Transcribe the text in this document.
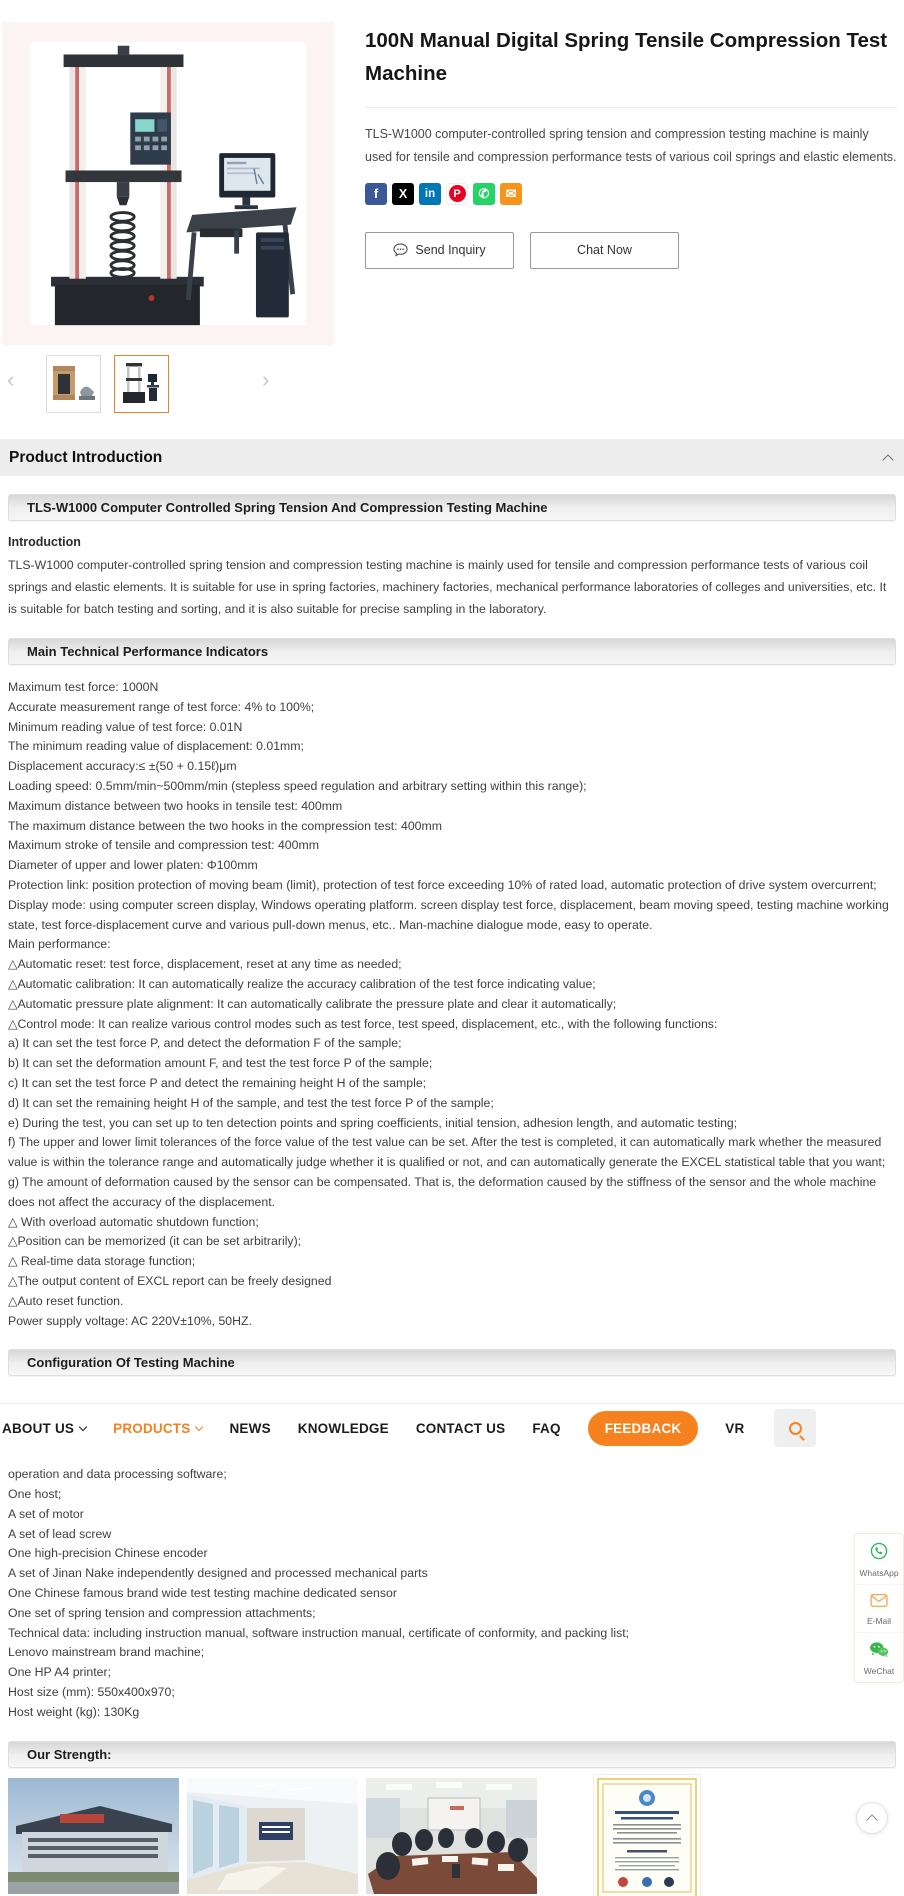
100N Manual Digital Spring Tensile Compression Test Machine

TLS-W1000 computer-controlled spring tension and compression testing machine is mainly used for tensile and compression performance tests of various coil springs and elastic elements.

f X in	P	✆ ✉
Send Inquiry	Chat Now
‹	›
Product Introduction
TLS-W1000 Computer Controlled Spring Tension And Compression Testing Machine
Introduction

TLS-W1000 computer-controlled spring tension and compression testing machine is mainly used for tensile and compression performance tests of various coil springs and elastic elements. It is suitable for use in spring factories, machinery factories, mechanical performance laboratories of colleges and universities, etc. It is suitable for batch testing and sorting, and it is also suitable for precise sampling in the laboratory.

Main Technical Performance Indicators
Maximum test force: 1000N
Accurate measurement range of test force: 4% to 100%;
Minimum reading value of test force: 0.01N
The minimum reading value of displacement: 0.01mm;
Displacement accuracy:≤ ±(50 + 0.15ℓ)μm
Loading speed: 0.5mm/min~500mm/min (stepless speed regulation and arbitrary setting within this range);
Maximum distance between two hooks in tensile test: 400mm
The maximum distance between the two hooks in the compression test: 400mm
Maximum stroke of tensile and compression test: 400mm
Diameter of upper and lower platen: Φ100mm
Protection link: position protection of moving beam (limit), protection of test force exceeding 10% of rated load, automatic protection of drive system overcurrent;
Display mode: using computer screen display, Windows operating platform. screen display test force, displacement, beam moving speed, testing machine working state, test force-displacement curve and various pull-down menus, etc.. Man-machine dialogue mode, easy to operate.
Main performance:
△Automatic reset: test force, displacement, reset at any time as needed;
△Automatic calibration: It can automatically realize the accuracy calibration of the test force indicating value;
△Automatic pressure plate alignment: It can automatically calibrate the pressure plate and clear it automatically;
△Control mode: It can realize various control modes such as test force, test speed, displacement, etc., with the following functions:
a) It can set the test force P, and detect the deformation F of the sample;
b) It can set the deformation amount F, and test the test force P of the sample;
c) It can set the test force P and detect the remaining height H of the sample;
d) It can set the remaining height H of the sample, and test the test force P of the sample;
e) During the test, you can set up to ten detection points and spring coefficients, initial tension, adhesion length, and automatic testing;
f) The upper and lower limit tolerances of the force value of the test value can be set. After the test is completed, it can automatically mark whether the measured value is within the tolerance range and automatically judge whether it is qualified or not, and can automatically generate the EXCEL statistical table that you want;
g) The amount of deformation caused by the sensor can be compensated. That is, the deformation caused by the stiffness of the sensor and the whole machine does not affect the accuracy of the displacement.
△ With overload automatic shutdown function;
△Position can be memorized (it can be set arbitrarily);
△ Real-time data storage function;
△The output content of EXCL report can be freely designed
△Auto reset function.
Power supply voltage: AC 220V±10%, 50HZ.
Configuration Of Testing Machine
ABOUT US	PRODUCTS	NEWS KNOWLEDGE CONTACT US FAQ	FEEDBACK	VR
operation and data processing software;
One host;
A set of motor
A set of lead screw
One high-precision Chinese encoder
A set of Jinan Nake independently designed and processed mechanical parts
One Chinese famous brand wide test testing machine dedicated sensor
One set of spring tension and compression attachments;
Technical data: including instruction manual, software instruction manual, certificate of conformity, and packing list;
Lenovo mainstream brand machine;
One HP A4 printer;
Host size (mm): 550x400x970;
Host weight (kg): 130Kg
Our Strength:
WhatsApp
E-Mail
WeChat
